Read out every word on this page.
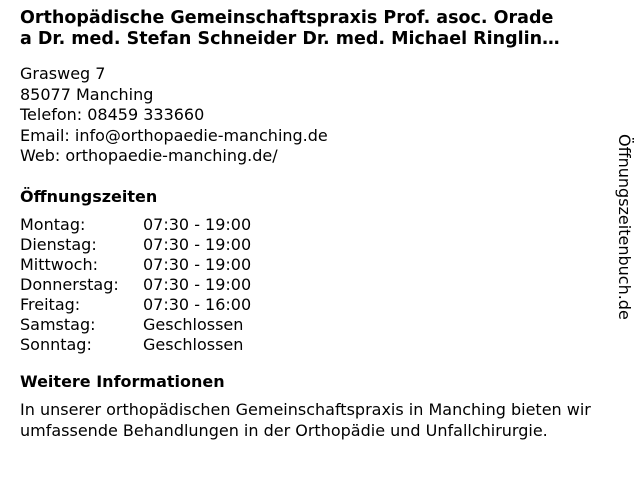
Orthopädische Gemeinschaftspraxis Prof. asoc. Orade
a Dr. med. Stefan Schneider Dr. med. Michael Ringlin…
Grasweg 7
85077 Manching
Telefon: 08459 333660
Email: info@orthopaedie-manching.de
Web: orthopaedie-manching.de/
Öffnungszeiten
Montag:	07:30 - 19:00
Dienstag:	07:30 - 19:00
Mittwoch:	07:30 - 19:00
Donnerstag:	07:30 - 19:00
Freitag:	07:30 - 16:00
Samstag:	Geschlossen
Sonntag:	Geschlossen
Weitere Informationen

In unserer orthopädischen Gemeinschaftspraxis in Manching bieten wir umfassende Behandlungen in der Orthopädie und Unfallchirurgie.

Öffnungszeitenbuch.de
